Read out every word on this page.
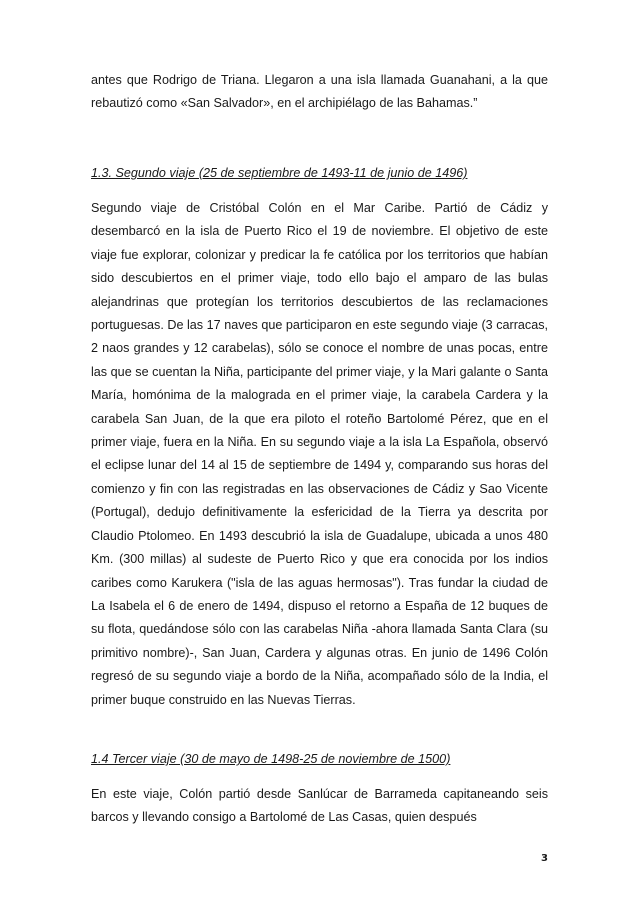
antes que Rodrigo de Triana. Llegaron a una isla llamada Guanahani, a la que rebautizó como «San Salvador», en el archipiélago de las Bahamas.”

1.3. Segundo viaje (25 de septiembre de 1493-11 de junio de 1496)

Segundo viaje de Cristóbal Colón en el Mar Caribe. Partió de Cádiz y desembarcó en la isla de Puerto Rico el 19 de noviembre. El objetivo de este viaje fue explorar, colonizar y predicar la fe católica por los territorios que habían sido descubiertos en el primer viaje, todo ello bajo el amparo de las bulas alejandrinas que protegían los territorios descubiertos de las reclamaciones portuguesas. De las 17 naves que participaron en este segundo viaje (3 carracas, 2 naos grandes y 12 carabelas), sólo se conoce el nombre de unas pocas, entre las que se cuentan la Niña, participante del primer viaje, y la Mari galante o Santa María, homónima de la malograda en el primer viaje, la carabela Cardera y la carabela San Juan, de la que era piloto el roteño Bartolomé Pérez, que en el primer viaje, fuera en la Niña. En su segundo viaje a la isla La Española, observó el eclipse lunar del 14 al 15 de septiembre de 1494 y, comparando sus horas del comienzo y fin con las registradas en las observaciones de Cádiz y Sao Vicente (Portugal), dedujo definitivamente la esfericidad de la Tierra ya descrita por Claudio Ptolomeo. En 1493 descubrió la isla de Guadalupe, ubicada a unos 480 Km. (300 millas) al sudeste de Puerto Rico y que era conocida por los indios caribes como Karukera ("isla de las aguas hermosas"). Tras fundar la ciudad de La Isabela el 6 de enero de 1494, dispuso el retorno a España de 12 buques de su flota, quedándose sólo con las carabelas Niña -ahora llamada Santa Clara (su primitivo nombre)-, San Juan, Cardera y algunas otras. En junio de 1496 Colón regresó de su segundo viaje a bordo de la Niña, acompañado sólo de la India, el primer buque construido en las Nuevas Tierras.

1.4 Tercer viaje (30 de mayo de 1498-25 de noviembre de 1500)

En este viaje, Colón partió desde Sanlúcar de Barrameda capitaneando seis barcos y llevando consigo a Bartolomé de Las Casas, quien después

3
